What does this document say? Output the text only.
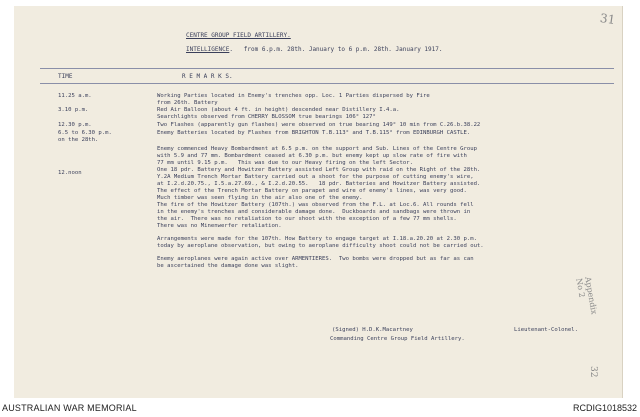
31
CENTRE GROUP FIELD ARTILLERY.
INTELLIGENCE.   from 6.p.m. 28th. January to 6 p.m. 28th. January 1917.
TIME	R E M A R K S.
11.25 a.m.	Working Parties located in Enemy's trenches opp. Loc. 1 Parties dispersed by Fire
from 26th. Battery
3.10 p.m.	Red Air Balloon (about 4 ft. in height) descended near Distillery I.4.a.
Searchlights observed from CHERRY BLOSSOM true bearings 106° 127°
12.30 p.m.	Two Flashes (apparently gun flashes) were observed on true bearing 149° 10 min from C.26.b.38.22
6.5 to 6.30 p.m.	Enemy Batteries located by Flashes from BRIGHTON T.B.113° and T.B.115° from EDINBURGH CASTLE.
on the 28th.
Enemy commenced Heavy Bombardment at 6.5 p.m. on the support and Sub. Lines of the Centre Group
with 5.9 and 77 mm. Bombardment ceased at 6.30 p.m. but enemy kept up slow rate of fire with
77 mm until 9.15 p.m.   This was due to our Heavy firing on the left Sector.
12.noon	One 18 pdr. Battery and Howitzer Battery assisted Left Group with raid on the Right of the 28th.
Y.2A Medium Trench Mortar Battery carried out a shoot for the purpose of cutting enemy's wire,
at I.2.d.20.75., I.5.a.27.69., & I.2.d.20.55.   18 pdr. Batteries and Howitzer Battery assisted.
The effect of the Trench Mortar Battery on parapet and wire of enemy's lines, was very good.
Much timber was seen flying in the air also one of the enemy.
The fire of the Howitzer Battery (107th.) was observed from the F.L. at Loc.6. All rounds fell
in the enemy's trenches and considerable damage done.  Duckboards and sandbags were thrown in
the air.  There was no retaliation to our shoot with the exception of a few 77 mm shells.
There was no Minenwerfer retaliation.
Arrangements were made for the 107th. How Battery to engage target at I.18.a.20.20 at 2.30 p.m.
today by aeroplane observation, but owing to aeroplane difficulty shoot could not be carried out.
Enemy aeroplanes were again active over ARMENTIERES.  Two bombs were dropped but as far as can
be ascertained the damage done was slight.
(Signed) H.D.K.Macartney	Lieutenant-Colonel.
Commanding Centre Group Field Artillery.
Appendix No 2
32
AUSTRALIAN WAR MEMORIAL	RCDIG1018532
